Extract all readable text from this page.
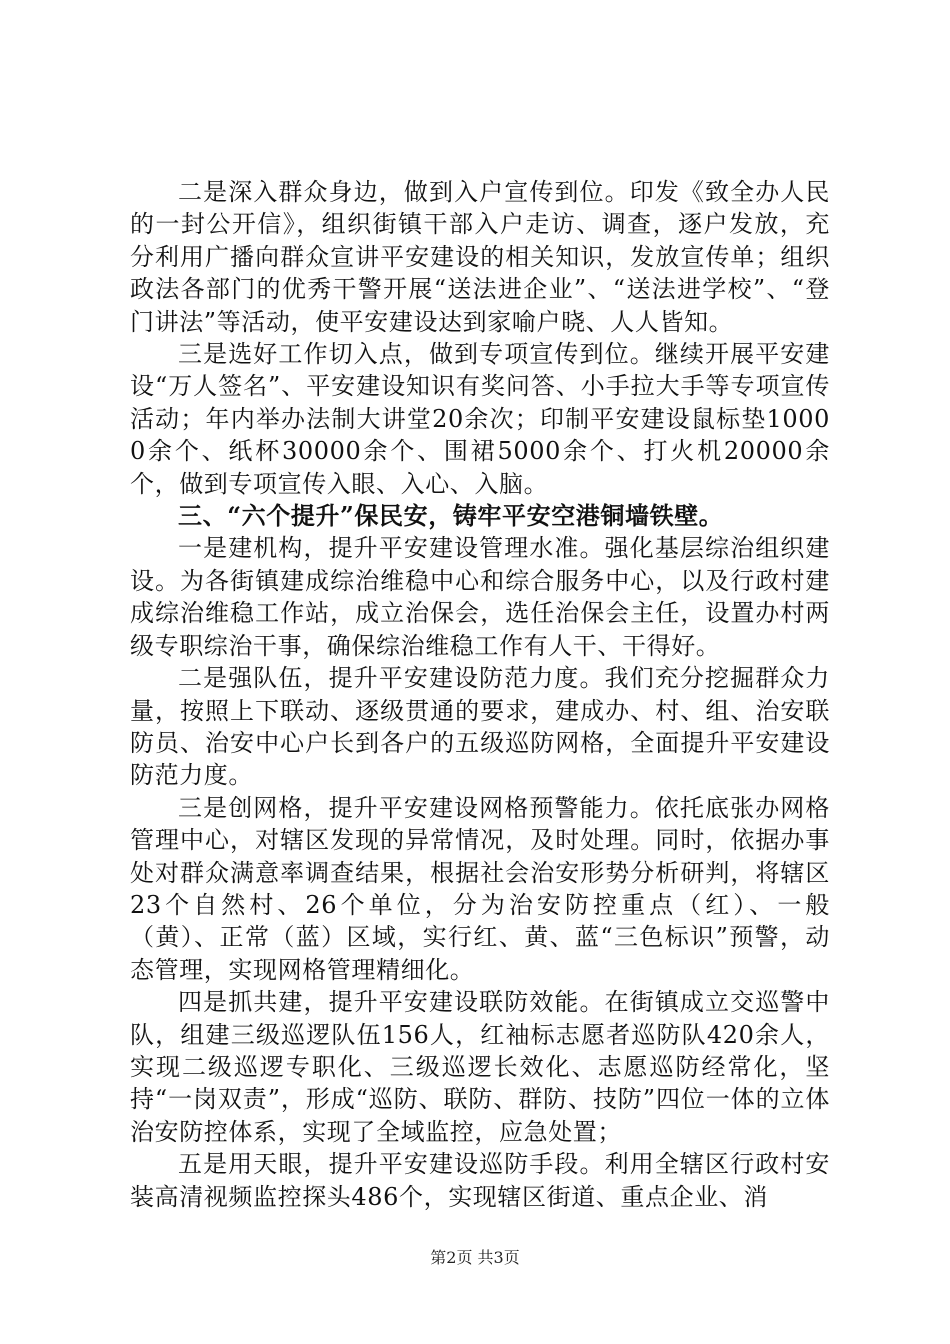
二是深入群众身边，做到入户宣传到位。印发《致全办人民的一封公开信》，组织街镇干部入户走访、调查，逐户发放，充分利用广播向群众宣讲平安建设的相关知识，发放宣传单；组织政法各部门的优秀干警开展“送法进企业”、“送法进学校”、“登门讲法”等活动，使平安建设达到家喻户晓、人人皆知。

三是选好工作切入点，做到专项宣传到位。继续开展平安建设“万人签名”、平安建设知识有奖问答、小手拉大手等专项宣传活动；年内举办法制大讲堂20余次；印制平安建设鼠标垫10000余个、纸杯30000余个、围裙5000余个、打火机20000余个，做到专项宣传入眼、入心、入脑。

三、“六个提升”保民安，铸牢平安空港铜墙铁壁。

一是建机构，提升平安建设管理水准。强化基层综治组织建设。为各街镇建成综治维稳中心和综合服务中心，以及行政村建成综治维稳工作站，成立治保会，选任治保会主任，设置办村两级专职综治干事，确保综治维稳工作有人干、干得好。

二是强队伍，提升平安建设防范力度。我们充分挖掘群众力量，按照上下联动、逐级贯通的要求，建成办、村、组、治安联防员、治安中心户长到各户的五级巡防网格，全面提升平安建设防范力度。

三是创网格，提升平安建设网格预警能力。依托底张办网格管理中心，对辖区发现的异常情况，及时处理。同时，依据办事处对群众满意率调查结果，根据社会治安形势分析研判，将辖区23个自然村、26个单位，分为治安防控重点（红）、一般（黄）、正常（蓝）区域，实行红、黄、蓝“三色标识”预警，动态管理，实现网格管理精细化。

四是抓共建，提升平安建设联防效能。在街镇成立交巡警中队，组建三级巡逻队伍156人，红袖标志愿者巡防队420余人，实现二级巡逻专职化、三级巡逻长效化、志愿巡防经常化，坚持“一岗双责”，形成“巡防、联防、群防、技防”四位一体的立体治安防控体系，实现了全域监控，应急处置；

五是用天眼，提升平安建设巡防手段。利用全辖区行政村安装高清视频监控探头486个，实现辖区街道、重点企业、消

第2页 共3页
